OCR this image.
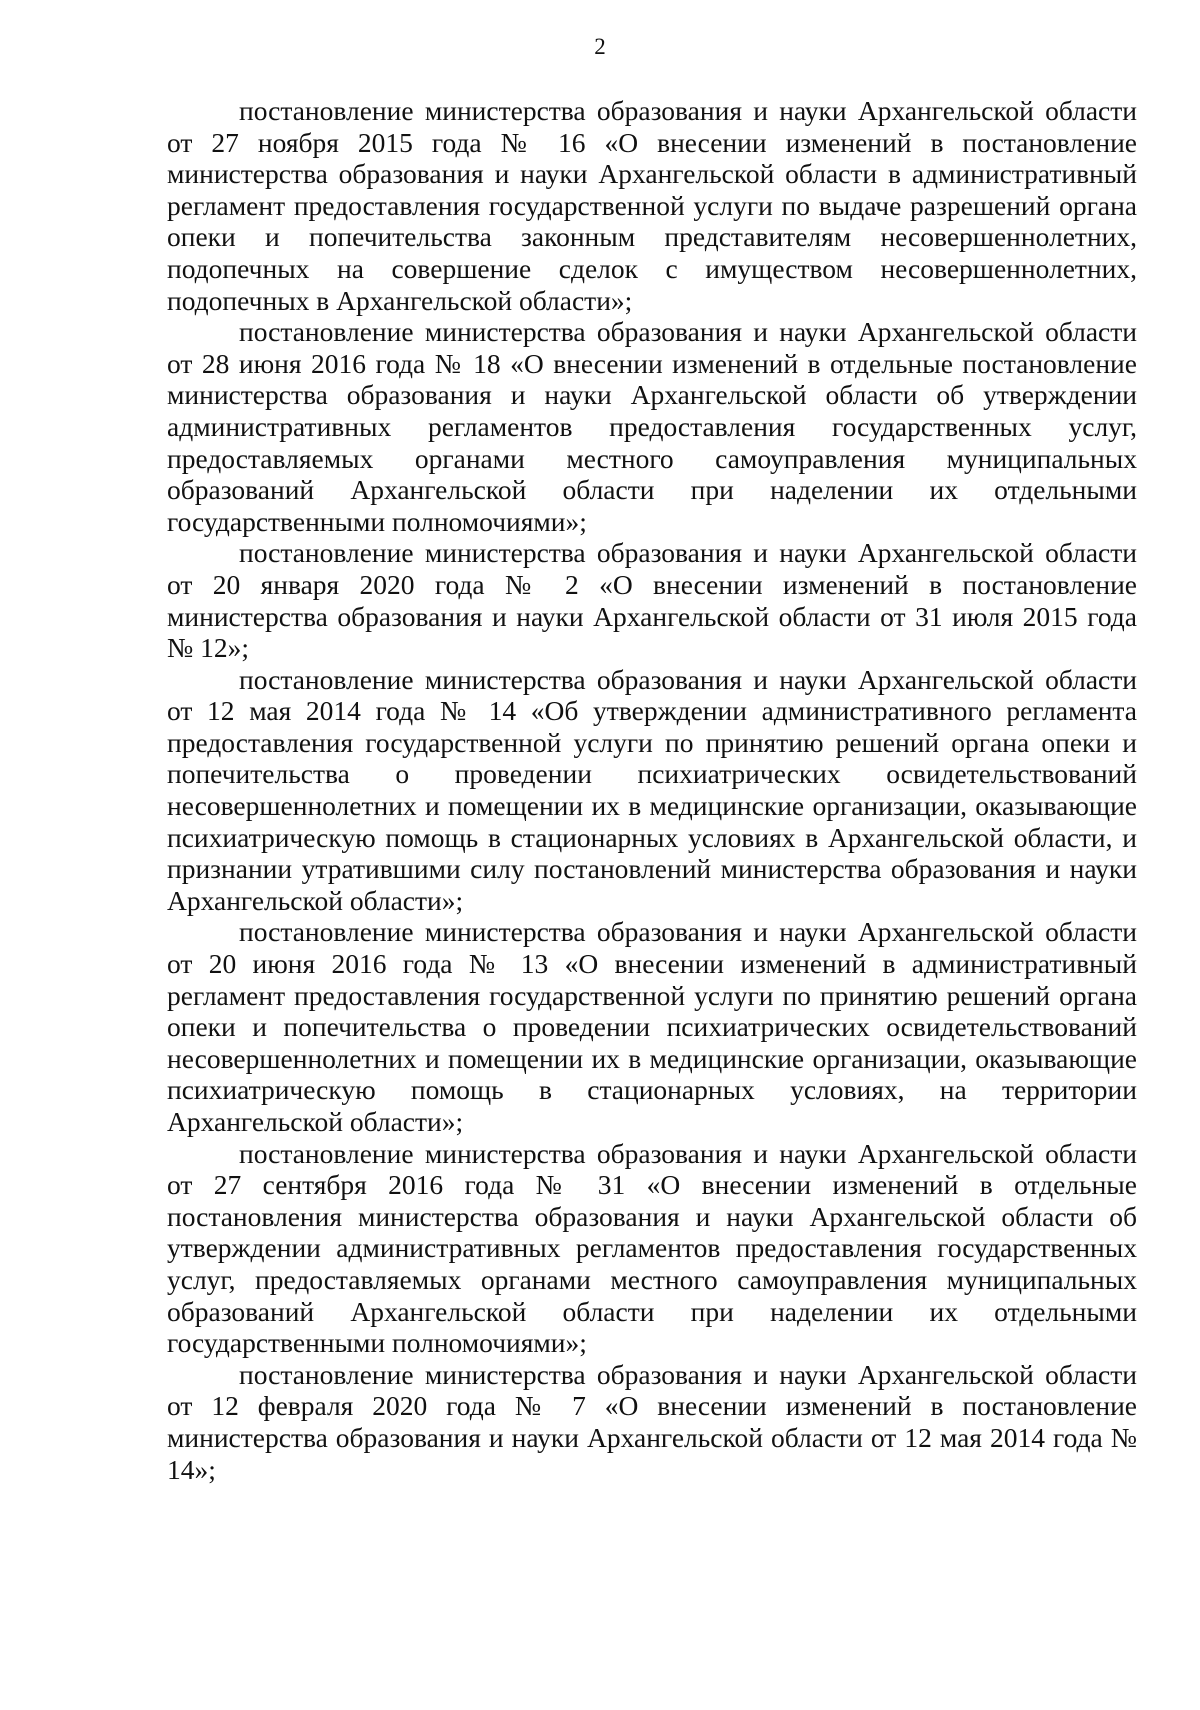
2

постановление министерства образования и науки Архангельской области от 27 ноября 2015 года № 16 «О внесении изменений в постановление министерства образования и науки Архангельской области в административный регламент предоставления государственной услуги по выдаче разрешений органа опеки и попечительства законным представителям несовершеннолетних, подопечных на совершение сделок с имуществом несовершеннолетних, подопечных в Архангельской области»;

постановление министерства образования и науки Архангельской области от 28 июня 2016 года № 18 «О внесении изменений в отдельные постановление министерства образования и науки Архангельской области об утверждении административных регламентов предоставления государственных услуг, предоставляемых органами местного самоуправления муниципальных образований Архангельской области при наделении их отдельными государственными полномочиями»;

постановление министерства образования и науки Архангельской области от 20 января 2020 года № 2 «О внесении изменений в постановление министерства образования и науки Архангельской области от 31 июля 2015 года № 12»;

постановление министерства образования и науки Архангельской области от 12 мая 2014 года № 14 «Об утверждении административного регламента предоставления государственной услуги по принятию решений органа опеки и попечительства о проведении психиатрических освидетельствований несовершеннолетних и помещении их в медицинские организации, оказывающие психиатрическую помощь в стационарных условиях в Архангельской области, и признании утратившими силу постановлений министерства образования и науки Архангельской области»;

постановление министерства образования и науки Архангельской области от 20 июня 2016 года № 13 «О внесении изменений в административный регламент предоставления государственной услуги по принятию решений органа опеки и попечительства о проведении психиатрических освидетельствований несовершеннолетних и помещении их в медицинские организации, оказывающие психиатрическую помощь в стационарных условиях, на территории Архангельской области»;

постановление министерства образования и науки Архангельской области от 27 сентября 2016 года № 31 «О внесении изменений в отдельные постановления министерства образования и науки Архангельской области об утверждении административных регламентов предоставления государственных услуг, предоставляемых органами местного самоуправления муниципальных образований Архангельской области при наделении их отдельными государственными полномочиями»;

постановление министерства образования и науки Архангельской области от 12 февраля 2020 года № 7 «О внесении изменений в постановление министерства образования и науки Архангельской области от 12 мая 2014 года № 14»;
